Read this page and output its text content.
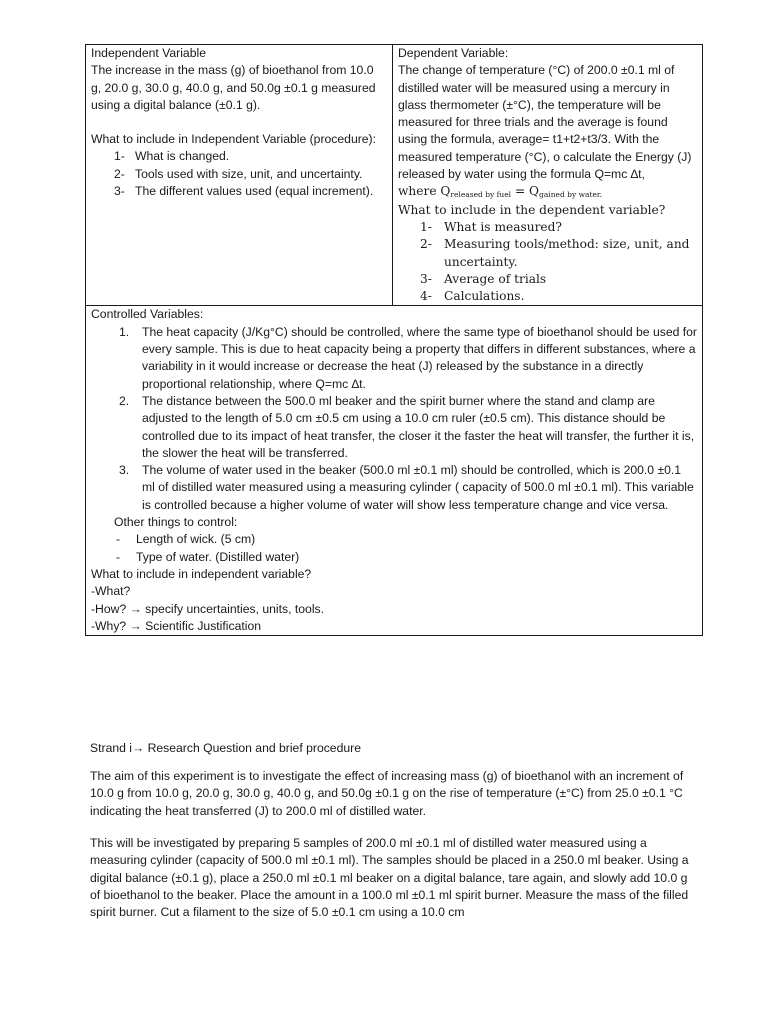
Independent Variable

The increase in the mass (g) of bioethanol from 10.0 g, 20.0 g, 30.0 g, 40.0 g, and 50.0g ±0.1 g measured using a digital balance (±0.1 g).

What to include in Independent Variable (procedure):

1- What is changed.
2- Tools used with size, unit, and uncertainty.
3- The different values used (equal increment).

Dependent Variable:

The change of temperature (°C) of 200.0 ±0.1 ml of distilled water will be measured using a mercury in glass thermometer (±°C), the temperature will be measured for three trials and the average is found using the formula, average= t1+t2+t3/3. With the measured temperature (°C), o calculate the Energy (J) released by water using the formula Q=mc ∆t,

where Qreleased by fuel = Qgained by water.

What to include in the dependent variable?

1- What is measured?
2- Measuring tools/method: size, unit, and uncertainty.
3- Average of trials
4- Calculations.

Controlled Variables:

1. The heat capacity (J/Kg°C) should be controlled, where the same type of bioethanol should be used for every sample. This is due to heat capacity being a property that differs in different substances, where a variability in it would increase or decrease the heat (J) released by the substance in a directly proportional relationship, where Q=mc ∆t.
2. The distance between the 500.0 ml beaker and the spirit burner where the stand and clamp are adjusted to the length of 5.0 cm ±0.5 cm using a 10.0 cm ruler (±0.5 cm). This distance should be controlled due to its impact of heat transfer, the closer it the faster the heat will transfer, the further it is, the slower the heat will be transferred.
3. The volume of water used in the beaker (500.0 ml ±0.1 ml) should be controlled, which is 200.0 ±0.1 ml of distilled water measured using a measuring cylinder ( capacity of 500.0 ml ±0.1 ml). This variable is controlled because a higher volume of water will show less temperature change and vice versa.

Other things to control:

- Length of wick. (5 cm)
- Type of water. (Distilled water)

What to include in independent variable?

-What?

-How? → specify uncertainties, units, tools.

-Why? → Scientific Justification

Strand i→ Research Question and brief procedure

The aim of this experiment is to investigate the effect of increasing mass (g) of bioethanol with an increment of 10.0 g from 10.0 g, 20.0 g, 30.0 g, 40.0 g, and 50.0g ±0.1 g on the rise of temperature (±°C) from 25.0 ±0.1 °C indicating the heat transferred (J) to 200.0 ml of distilled water.

This will be investigated by preparing 5 samples of 200.0 ml ±0.1 ml of distilled water measured using a measuring cylinder (capacity of 500.0 ml ±0.1 ml). The samples should be placed in a 250.0 ml beaker. Using a digital balance (±0.1 g), place a 250.0 ml ±0.1 ml beaker on a digital balance, tare again, and slowly add 10.0 g of bioethanol to the beaker. Place the amount in a 100.0 ml ±0.1 ml spirit burner. Measure the mass of the filled spirit burner. Cut a filament to the size of 5.0 ±0.1 cm using a 10.0 cm
